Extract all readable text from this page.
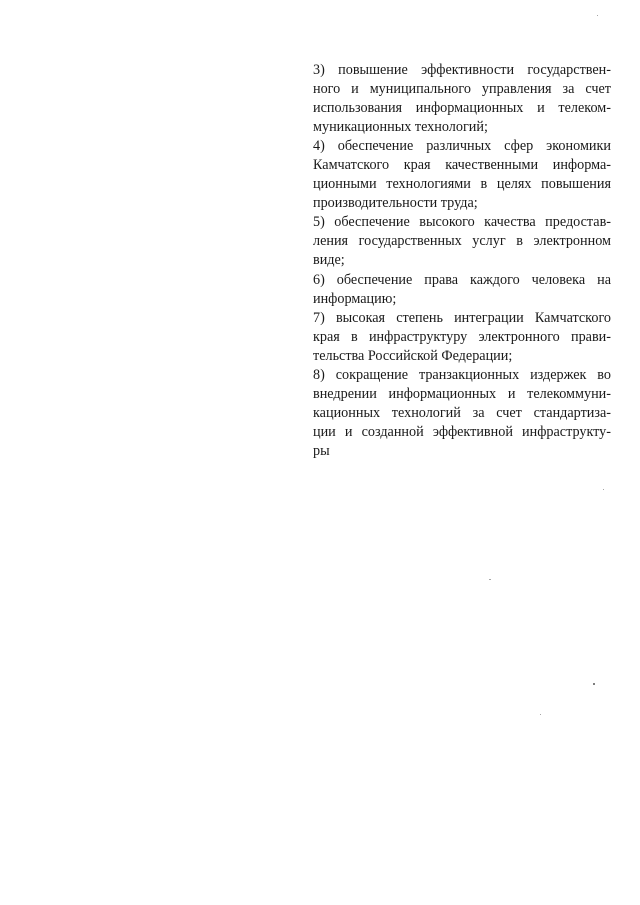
3) повышение эффективности государствен-
ного и муниципального управления за счет
использования информационных и телеком-
муникационных технологий;
4) обеспечение различных сфер экономики
Камчатского края качественными информа-
ционными технологиями в целях повышения
производительности труда;
5) обеспечение высокого качества предостав-
ления государственных услуг в электронном
виде;
6) обеспечение права каждого человека на
информацию;
7) высокая степень интеграции Камчатского
края в инфраструктуру электронного прави-
тельства Российской Федерации;
8) сокращение транзакционных издержек во
внедрении информационных и телекоммуни-
кационных технологий за счет стандартиза-
ции и созданной эффективной инфраструкту-
ры
